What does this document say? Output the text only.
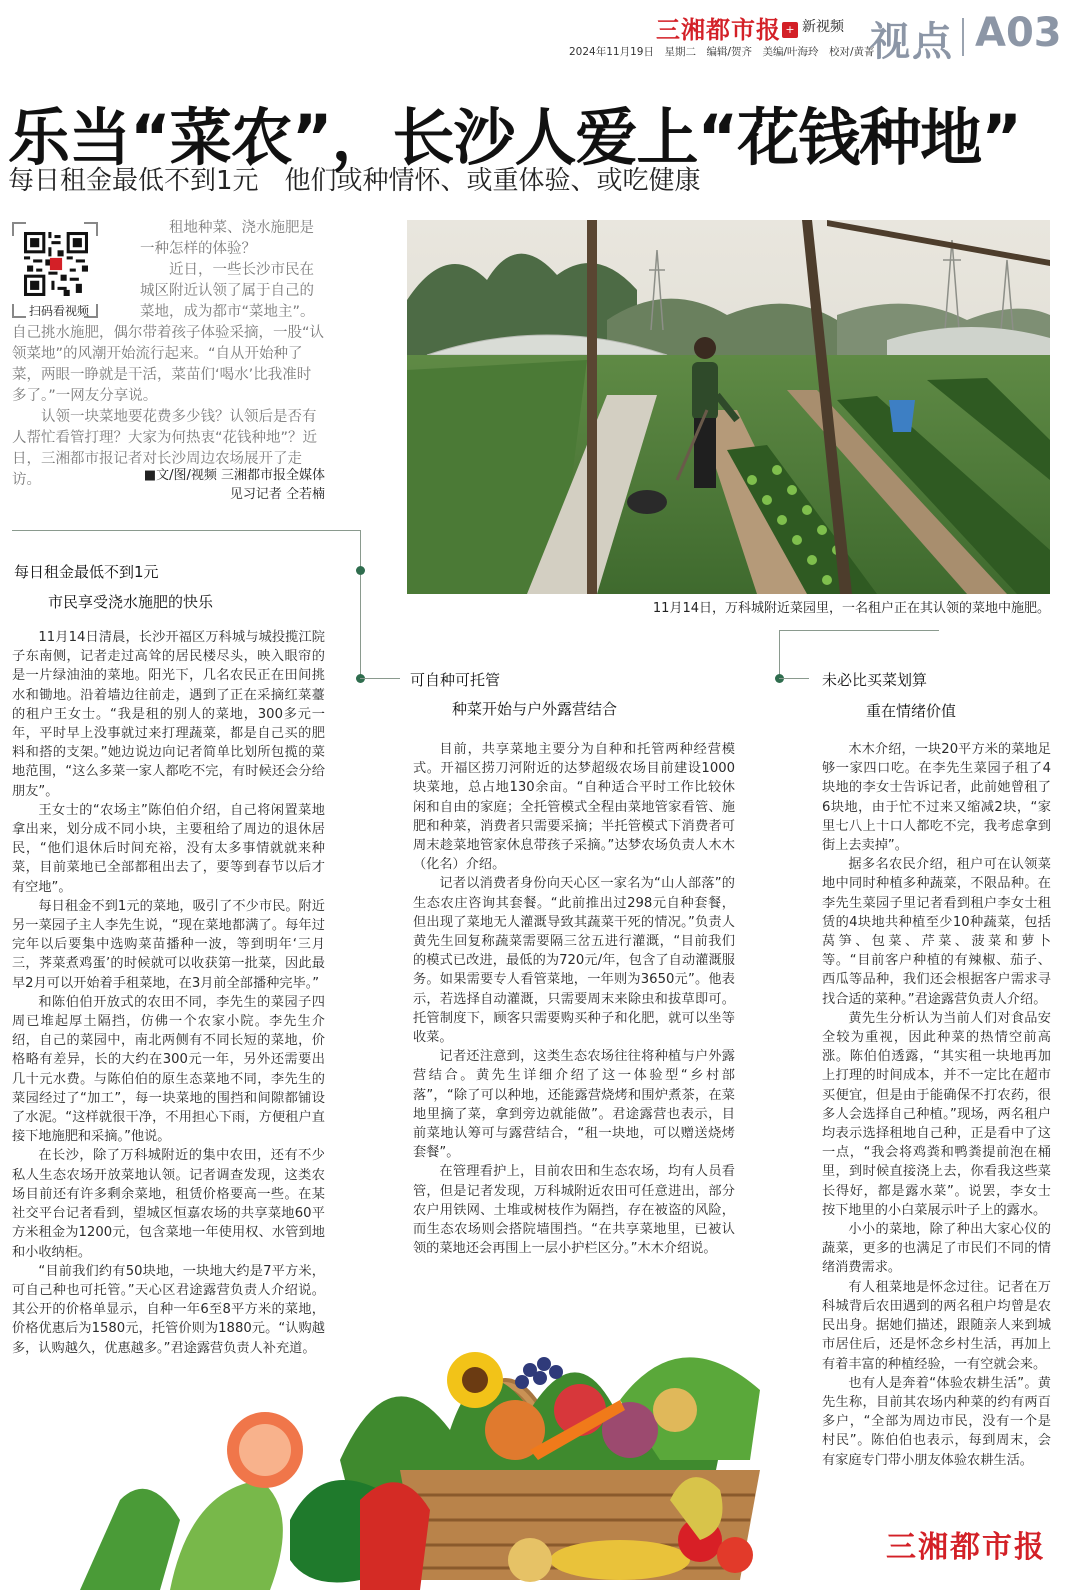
三湘都市报 + 新视频
2024年11月19日　星期二　编辑/贺齐　美编/叶海玲　校对/黄菁
视点 A03
乐当“菜农”，长沙人爱上“花钱种地”
每日租金最低不到1元　他们或种情怀、或重体验、或吃健康
扫码看视频

租地种菜、浇水施肥是一种怎样的体验？

近日，一些长沙市民在城区附近认领了属于自己的菜地，成为都市“菜地主”。自己挑水施肥，偶尔带着孩子体验采摘，一股“认领菜地”的风潮开始流行起来。“自从开始种了菜，两眼一睁就是干活，菜苗们‘喝水’比我准时多了。”一网友分享说。

认领一块菜地要花费多少钱？认领后是否有人帮忙看管打理？大家为何热衷“花钱种地”？近日，三湘都市报记者对长沙周边农场展开了走访。	■文/图/视频 三湘都市报全媒体
见习记者 仝若楠
11月14日，万科城附近菜园里，一名租户正在其认领的菜地中施肥。
每日租金最低不到1元
市民享受浇水施肥的快乐

11月14日清晨，长沙开福区万科城与城投揽江院子东南侧，记者走过高耸的居民楼尽头，映入眼帘的是一片绿油油的菜地。阳光下，几名农民正在田间挑水和锄地。沿着墙边往前走，遇到了正在采摘红菜薹的租户王女士。“我是租的别人的菜地，300多元一年，平时早上没事就过来打理蔬菜，都是自己买的肥料和搭的支架。”她边说边向记者简单比划所包揽的菜地范围，“这么多菜一家人都吃不完，有时候还会分给朋友”。

王女士的“农场主”陈伯伯介绍，自己将闲置菜地拿出来，划分成不同小块，主要租给了周边的退休居民，“他们退休后时间充裕，没有太多事情就就来种菜，目前菜地已全部都租出去了，要等到春节以后才有空地”。

每日租金不到1元的菜地，吸引了不少市民。附近另一菜园子主人李先生说，“现在菜地都满了。每年过完年以后要集中选购菜苗播种一波，等到明年‘三月三，荠菜煮鸡蛋’的时候就可以收获第一批菜，因此最早2月可以开始着手租菜地，在3月前全部播种完毕。”

和陈伯伯开放式的农田不同，李先生的菜园子四周已堆起厚土隔挡，仿佛一个农家小院。李先生介绍，自己的菜园中，南北两侧有不同长短的菜地，价格略有差异，长的大约在300元一年，另外还需要出几十元水费。与陈伯伯的原生态菜地不同，李先生的菜园经过了“加工”，每一块菜地的围挡和间隙都铺设了水泥。“这样就很干净，不用担心下雨，方便租户直接下地施肥和采摘。”他说。

在长沙，除了万科城附近的集中农田，还有不少私人生态农场开放菜地认领。记者调查发现，这类农场目前还有许多剩余菜地，租赁价格要高一些。在某社交平台记者看到，望城区恒嘉农场的共享菜地60平方米租金为1200元，包含菜地一年使用权、水管到地和小收纳柜。

“目前我们约有50块地，一块地大约是7平方米，可自己种也可托管。”天心区君途露营负责人介绍说。其公开的价格单显示，自种一年6至8平方米的菜地，价格优惠后为1580元，托管价则为1880元。“认购越多，认购越久，优惠越多。”君途露营负责人补充道。

可自种可托管
种菜开始与户外露营结合

目前，共享菜地主要分为自种和托管两种经营模式。开福区捞刀河附近的达梦超级农场目前建设1000块菜地，总占地130余亩。“自种适合平时工作比较休闲和自由的家庭；全托管模式全程由菜地管家看管、施肥和种菜，消费者只需要采摘；半托管模式下消费者可周末趁菜地管家休息带孩子采摘。”达梦农场负责人木木（化名）介绍。

记者以消费者身份向天心区一家名为“山人部落”的生态农庄咨询其套餐。“此前推出过298元自种套餐，但出现了菜地无人灌溉导致其蔬菜干死的情况。”负责人黄先生回复称蔬菜需要隔三岔五进行灌溉，“目前我们的模式已改进，最低的为720元/年，包含了自动灌溉服务。如果需要专人看管菜地，一年则为3650元”。他表示，若选择自动灌溉，只需要周末来除虫和拔草即可。托管制度下，顾客只需要购买种子和化肥，就可以坐等收菜。

记者还注意到，这类生态农场往往将种植与户外露营结合。黄先生详细介绍了这一体验型“乡村部落”，“除了可以种地，还能露营烧烤和围炉煮茶，在菜地里摘了菜，拿到旁边就能做”。君途露营也表示，目前菜地认筹可与露营结合，“租一块地，可以赠送烧烤套餐”。

在管理看护上，目前农田和生态农场，均有人员看管，但是记者发现，万科城附近农田可任意进出，部分农户用铁网、土堆或树枝作为隔挡，存在被盗的风险，而生态农场则会搭院墙围挡。“在共享菜地里，已被认领的菜地还会再围上一层小护栏区分。”木木介绍说。

未必比买菜划算
重在情绪价值

木木介绍，一块20平方米的菜地足够一家四口吃。在李先生菜园子租了4块地的李女士告诉记者，此前她曾租了6块地，由于忙不过来又缩减2块，“家里七八上十口人都吃不完，我考虑拿到街上去卖掉”。

据多名农民介绍，租户可在认领菜地中同时种植多种蔬菜，不限品种。在李先生菜园子里记者看到租户李女士租赁的4块地共种植至少10种蔬菜，包括莴笋、包菜、芹菜、菠菜和萝卜等。“目前客户种植的有辣椒、茄子、西瓜等品种，我们还会根据客户需求寻找合适的菜种。”君途露营负责人介绍。

黄先生分析认为当前人们对食品安全较为重视，因此种菜的热情空前高涨。陈伯伯透露，“其实租一块地再加上打理的时间成本，并不一定比在超市买便宜，但是由于能确保不打农药，很多人会选择自己种植。”现场，两名租户均表示选择租地自己种，正是看中了这一点，“我会将鸡粪和鸭粪提前泡在桶里，到时候直接浇上去，你看我这些菜长得好，都是露水菜”。说罢，李女士按下地里的小白菜展示叶子上的露水。

小小的菜地，除了种出大家心仪的蔬菜，更多的也满足了市民们不同的情绪消费需求。

有人租菜地是怀念过往。记者在万科城背后农田遇到的两名租户均曾是农民出身。据她们描述，跟随亲人来到城市居住后，还是怀念乡村生活，再加上有着丰富的种植经验，一有空就会来。

也有人是奔着“体验农耕生活”。黄先生称，目前其农场内种菜的约有两百多户，“全部为周边市民，没有一个是村民”。陈伯伯也表示，每到周末，会有家庭专门带小朋友体验农耕生活。

三湘都市报
